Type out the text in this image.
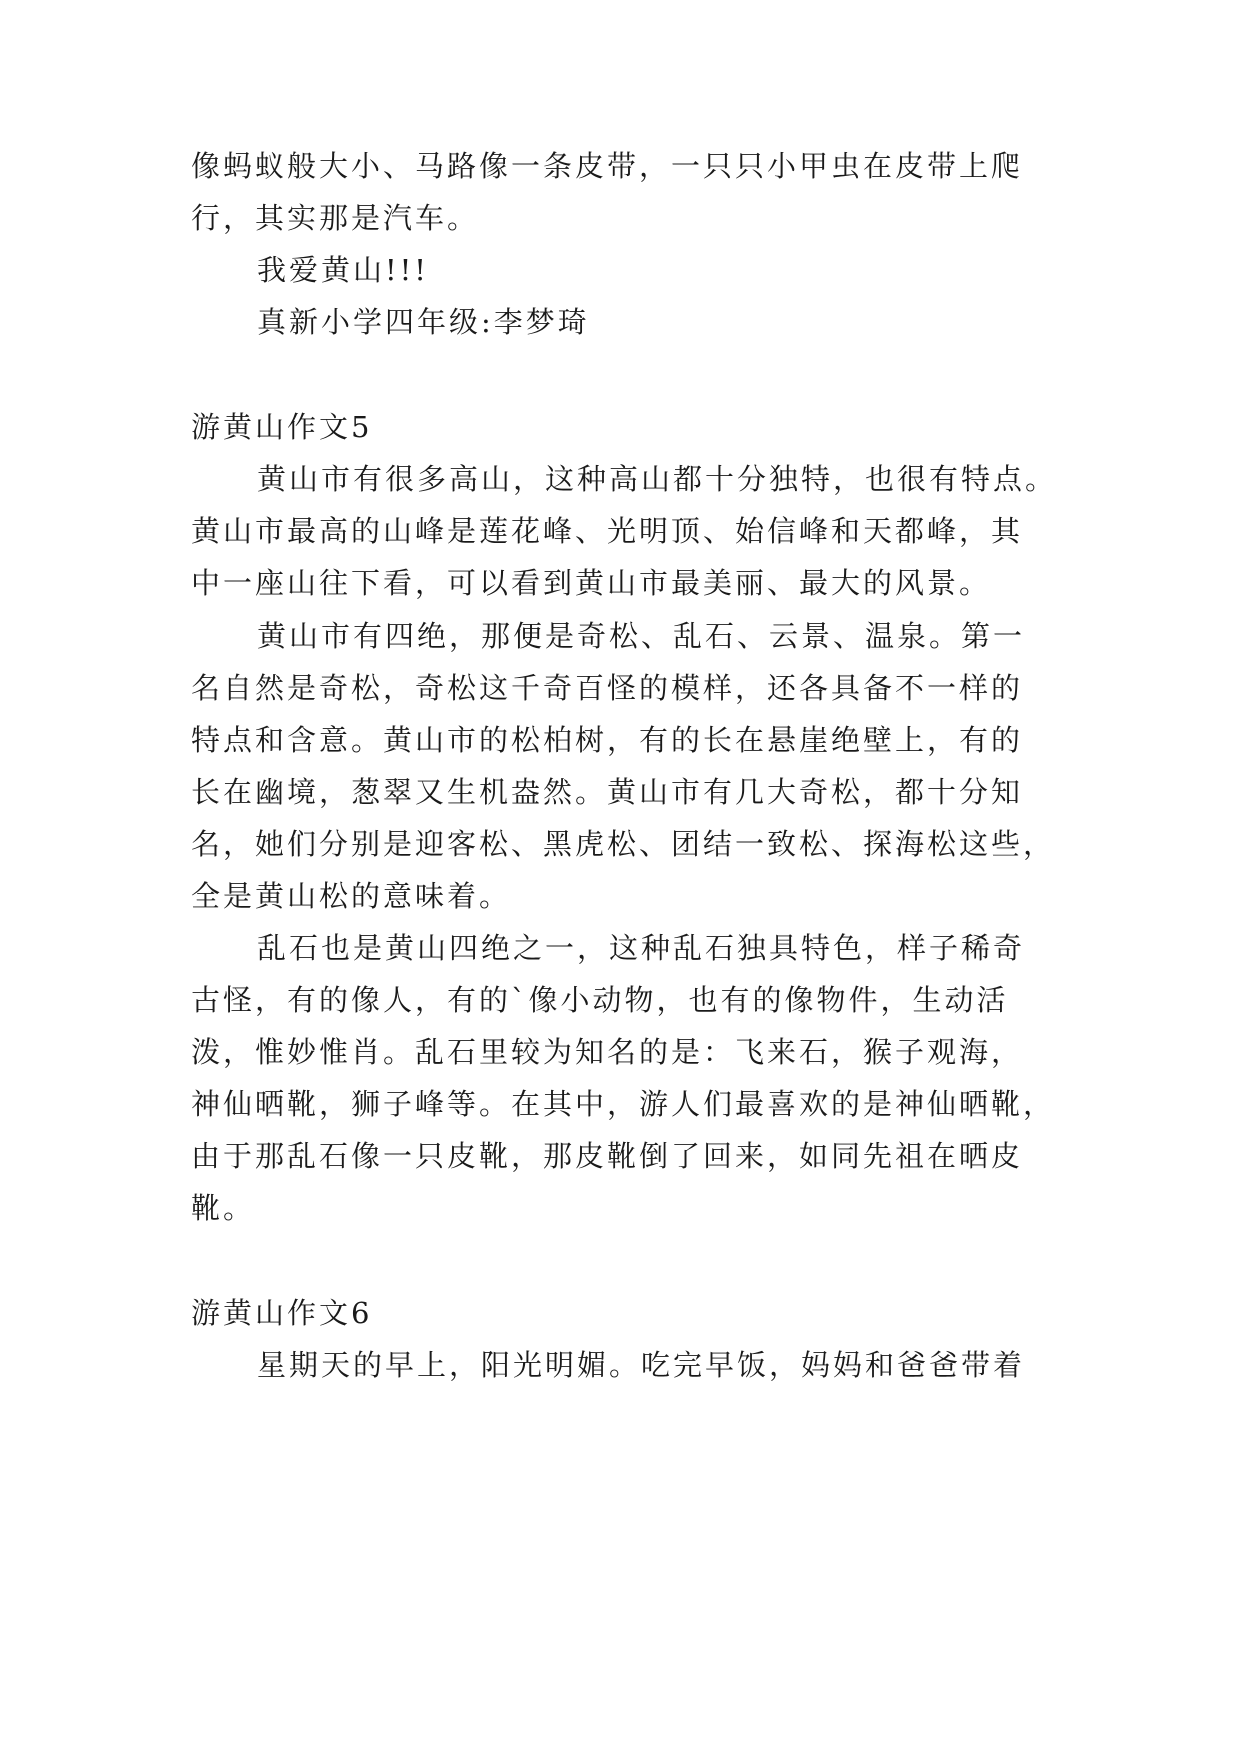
像蚂蚁般大小、马路像一条皮带，一只只小甲虫在皮带上爬
行，其实那是汽车。
我爱黄山!!!
真新小学四年级:李梦琦
游黄山作文5
黄山市有很多高山，这种高山都十分独特，也很有特点。
黄山市最高的山峰是莲花峰、光明顶、始信峰和天都峰，其
中一座山往下看，可以看到黄山市最美丽、最大的风景。
黄山市有四绝，那便是奇松、乱石、云景、温泉。第一
名自然是奇松，奇松这千奇百怪的模样，还各具备不一样的
特点和含意。黄山市的松柏树，有的长在悬崖绝壁上，有的
长在幽境，葱翠又生机盎然。黄山市有几大奇松，都十分知
名，她们分别是迎客松、黑虎松、团结一致松、探海松这些，
全是黄山松的意味着。
乱石也是黄山四绝之一，这种乱石独具特色，样子稀奇
古怪，有的像人，有的`像小动物，也有的像物件，生动活
泼，惟妙惟肖。乱石里较为知名的是：飞来石，猴子观海，
神仙晒靴，狮子峰等。在其中，游人们最喜欢的是神仙晒靴，
由于那乱石像一只皮靴，那皮靴倒了回来，如同先祖在晒皮
靴。
游黄山作文6
星期天的早上，阳光明媚。吃完早饭，妈妈和爸爸带着
